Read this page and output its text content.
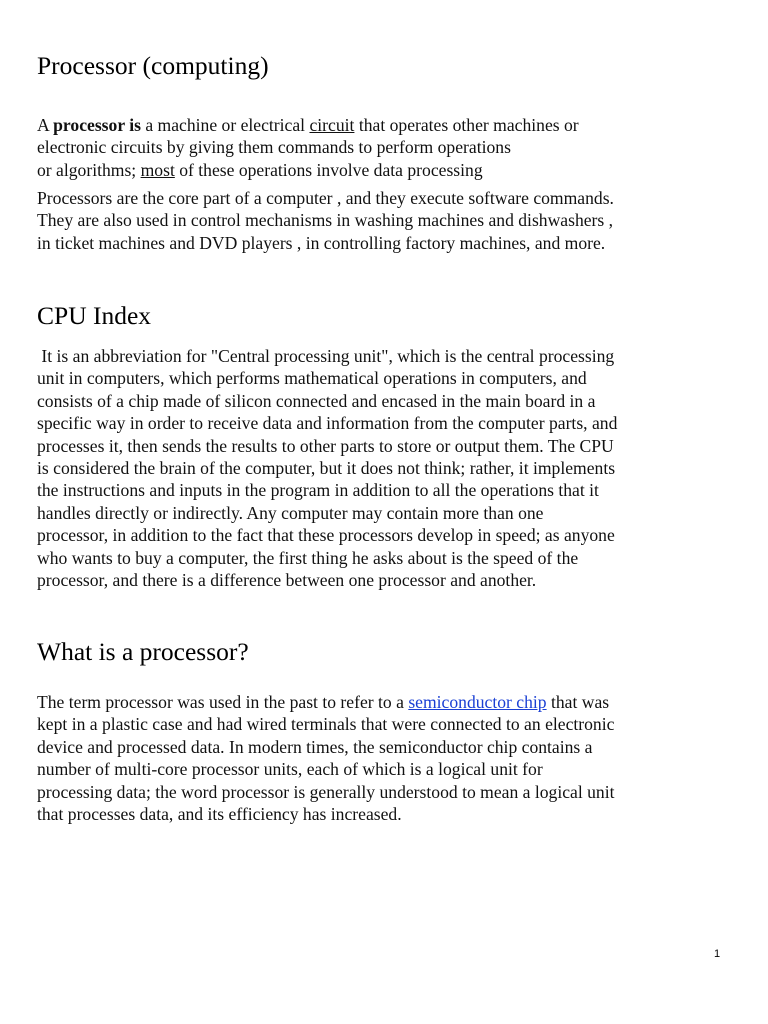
Processor (computing)

A processor is a machine or electrical circuit that operates other machines or
electronic circuits by giving them commands to perform operations
or algorithms; most of these operations involve data processing

Processors are the core part of a computer , and they execute software commands.
They are also used in control mechanisms in washing machines and dishwashers ,
in ticket machines and DVD players , in controlling factory machines, and more.

CPU Index

It is an abbreviation for "Central processing unit", which is the central processing
unit in computers, which performs mathematical operations in computers, and
consists of a chip made of silicon connected and encased in the main board in a
specific way in order to receive data and information from the computer parts, and
processes it, then sends the results to other parts to store or output them. The CPU
is considered the brain of the computer, but it does not think; rather, it implements
the instructions and inputs in the program in addition to all the operations that it
handles directly or indirectly. Any computer may contain more than one
processor, in addition to the fact that these processors develop in speed; as anyone
who wants to buy a computer, the first thing he asks about is the speed of the
processor, and there is a difference between one processor and another.

What is a processor?

The term processor was used in the past to refer to a semiconductor chip that was
kept in a plastic case and had wired terminals that were connected to an electronic
device and processed data. In modern times, the semiconductor chip contains a
number of multi-core processor units, each of which is a logical unit for
processing data; the word processor is generally understood to mean a logical unit
that processes data, and its efficiency has increased.

1
